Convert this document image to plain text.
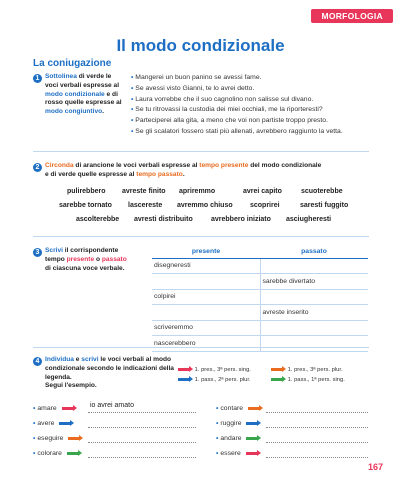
MORFOLOGIA
Il modo condizionale
La coniugazione
1 Sottolinea di verde le voci verbali espresse al modo condizionale e di rosso quelle espresse al modo congiuntivo.
• Mangerei un buon panino se avessi fame.
• Se avessi visto Gianni, te lo avrei detto.
• Laura vorrebbe che il suo cagnolino non salisse sul divano.
• Se tu ritrovassi la custodia dei miei occhiali, me la riporteresti?
• Parteciperei alla gita, a meno che voi non partiste troppo presto.
• Se gli scalatori fossero stati più allenati, avrebbero raggiunto la vetta.
2 Circonda di arancione le voci verbali espresse al tempo presente del modo condizionale
e di verde quelle espresse al tempo passato.
pulirebbero avreste finito apriremmo	avrei capito	scuoterebbe
sarebbe tornato lascereste avremmo chiuso scoprirei	saresti fuggito
ascolterebbe avresti distribuito	avrebbero iniziato asciugheresti
3 Scrivi il corrispondente
tempo presente o passato
di ciascuna voce verbale.
presente	passato
disegneresti	
	sarebbe divertato
colpirei	
	avreste inserito
scriveremmo	
nascerebbero	
4 Individua e scrivi le voci verbali al modo condizionale secondo le indicazioni della legenda.
Segui l'esempio.
1. pres., 3ª pers. sing.
1. pass., 2ª pers. plur.
1. pres., 3ª pers. plur.
1. pass., 1ª pers. sing.
• amare	io avrei amato
• avere
• eseguire
• colorare
• contare
• ruggire
• andare
• essere
167
